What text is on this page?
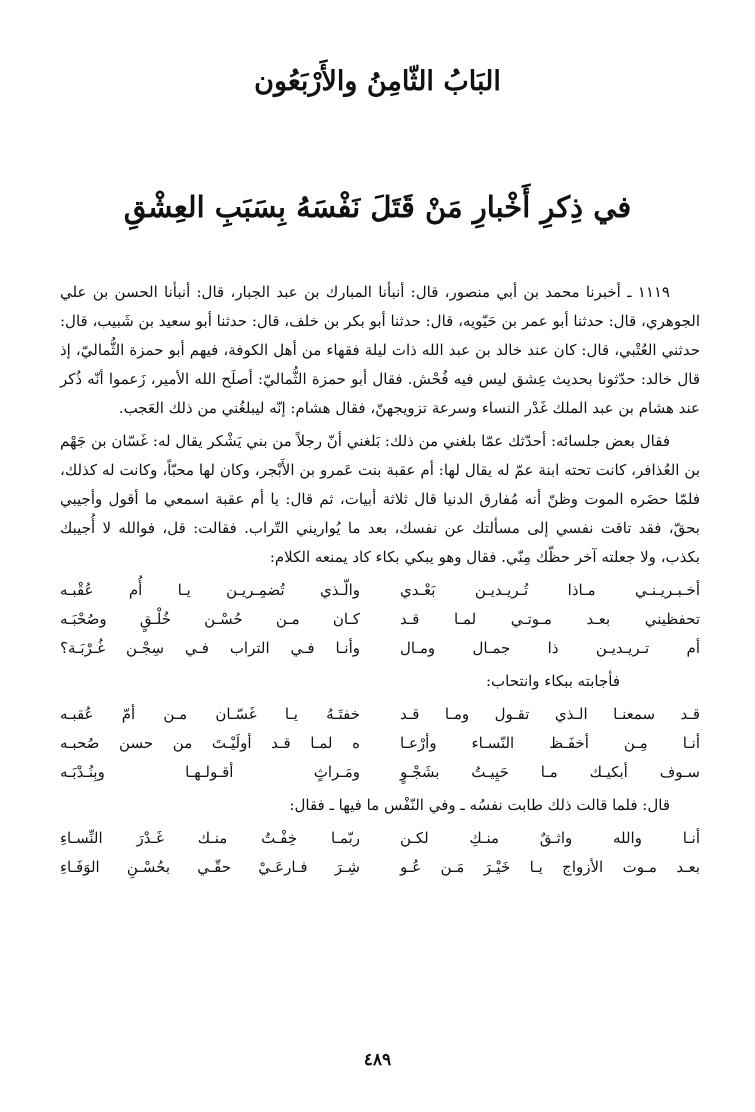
البَابُ الثّامِنُ والأَرْبَعُون
في ذِكرِ أَخْبارِ مَنْ قَتَلَ نَفْسَهُ بِسَبَبِ العِشْقِ

١١١٩ ـ أخبرنا محمد بن أبي منصور، قال: أنبأنا المبارك بن عبد الجبار، قال: أنبأنا الحسن بن علي الجوهري، قال: حدثنا أبو عمر بن حَيّويه، قال: حدثنا أبو بكر بن خلف، قال: حدثنا أبو سعيد بن شَبيب، قال: حدثني العُتْبي، قال: كان عند خالد بن عبد الله ذات ليلة فقهاء من أهل الكوفة، فيهم أبو حمزة الثُّماليّ، إذ قال خالد: حدّثونا بحديث عِشق ليس فيه فُحْش. فقال أبو حمزة الثُّماليّ: أصلَح الله الأمير، زَعموا أنّه ذُكر عند هشام بن عبد الملك غَدْر النساء وسرعة تزويجهنّ، فقال هشام: إنّه ليبلغُني من ذلك العَجب.

فقال بعض جلسائه: أحدّثك عمّا بلغني من ذلك: بَلغني أنّ رجلاً من بني يَشْكر يقال له: غَسّان بن جَهْم بن العُذافر، كانت تحته ابنة عمّ له يقال لها: أم عقبة بنت عَمرو بن الأَبْجر، وكان لها محبّاً، وكانت له كذلك، فلمّا حضَره الموت وظنّ أنه مُفارق الدنيا قال ثلاثة أبيات، ثم قال: يا أم عقبة اسمعي ما أقول وأجيبي بحقّ، فقد تاقت نفسي إلى مسألتك عن نفسك، بعد ما يُواريني التّراب. فقالت: قل، فوالله لا أُجيبك بكذب، ولا جعلته آخر حظّك مِنّي. فقال وهو يبكي بكاء كاد يمنعه الكلام:

أخـبـريـنـي مـاذا تُـريـديـن بَعْـدي
والّـذي تُضمِـريـن يـا أُم عُقْبـه
تحفظيني بعـد مـوتـي لمـا قـد
كـان مـن حُسْـن خُلْـقٍ وصُحْبَـه
أم تـريـديـن ذا جمـال ومـال
وأنـا فـي التراب فـي سِجْـن غُـرْبَـة؟
فأجابته ببكاء وانتحاب:
قـد سمعنـا الـذي تقـول ومـا قـد
خفتَـهُ يـا غَسّـان مـن أمّ عُقبـه
أنـا مِـن أخفَـظ النّسـاء وأرْعـا
ه لمـا قـد أولَيْـتَ من حسن صُحبـه
سـوف أبكيـك مـا حَيِيـتُ بشَجْـوٍ
ومَـراثٍ أقـولـهـا وبِنُـدْبَـه

قال: فلما قالت ذلك طابت نفسُه ـ وفي النّفْس ما فيها ـ فقال:

أنـا والله واثـقٌ منـكِ لكـن
ربّمـا خِفْـتُ منـك غَـدْرَ النِّسـاءِ
بعـد مـوت الأزواج يـا خَيْـرَ مَـن عُـو
شِـرَ فـارعَـيْ حقّـي بحُسْـنِ الوَفَـاءِ
٤٨٩
